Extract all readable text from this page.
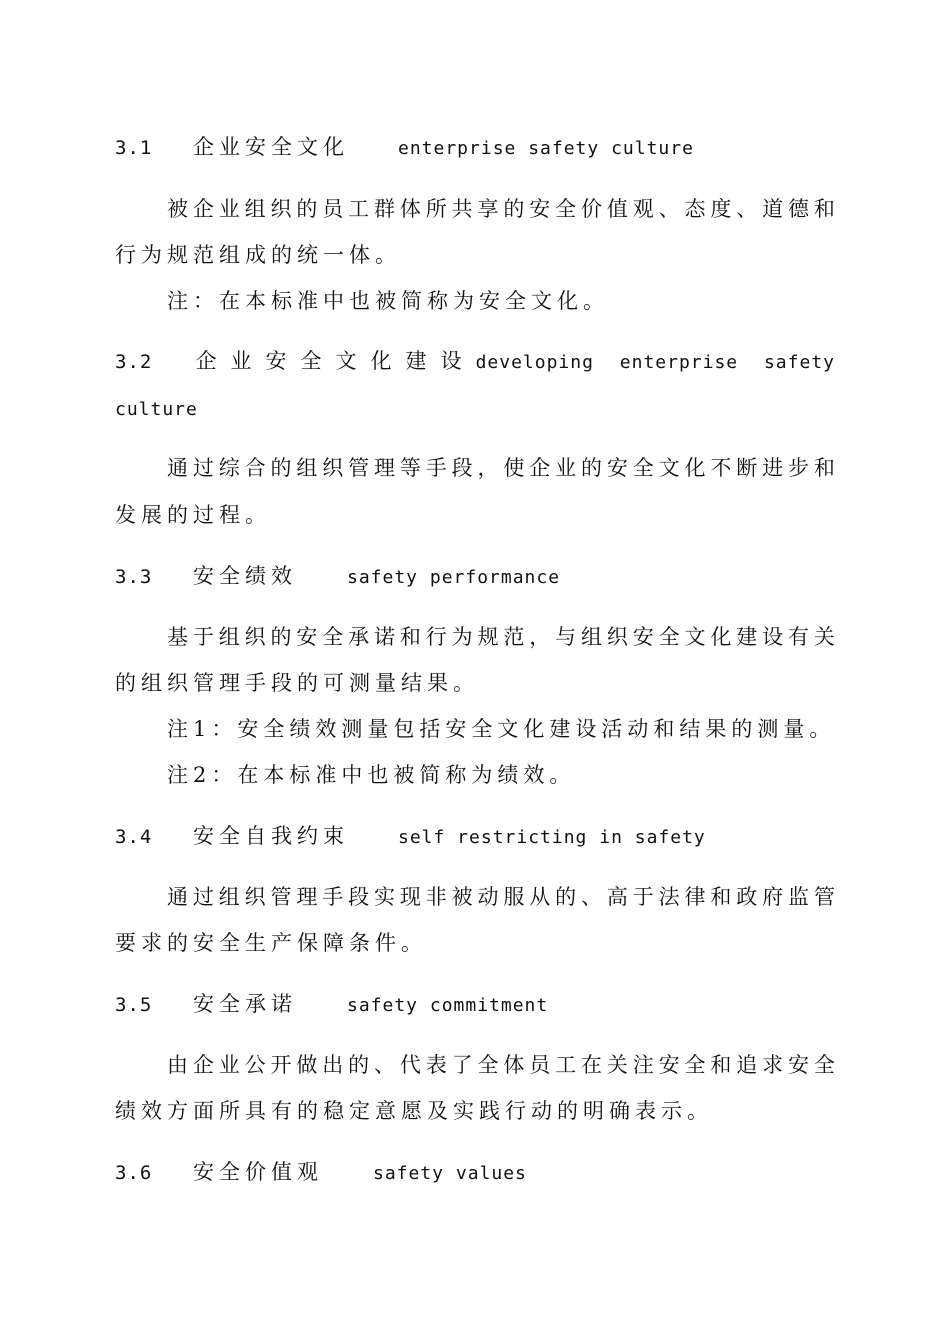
3.1	企业安全文化	enterprise safety culture
被 企 业 组 织 的 员 工 群 体 所 共 享 的 安 全 价 值 观 、 态 度 、 道 德 和
行为规范组成的统一体。
注：在本标准中也被简称为安全文化。
3.2	企业安全文化建设 developing enterprise safety
culture
通 过 综 合 的 组 织 管 理 等 手 段 ， 使 企 业 的 安 全 文 化 不 断 进 步 和
发展的过程。
3.3	安全绩效	safety performance
基 于 组 织 的 安 全 承 诺 和 行 为 规 范 ， 与 组 织 安 全 文 化 建 设 有 关
的组织管理手段的可测量结果。
注1：安全绩效测量包括安全文化建设活动和结果的测量。
注2：在本标准中也被简称为绩效。
3.4	安全自我约束	self restricting in safety
通 过 组 织 管 理 手 段 实 现 非 被 动 服 从 的 、 高 于 法 律 和 政 府 监 管
要求的安全生产保障条件。
3.5	安全承诺	safety commitment
由 企 业 公 开 做 出 的 、 代 表 了 全 体 员 工 在 关 注 安 全 和 追 求 安 全
绩效方面所具有的稳定意愿及实践行动的明确表示。
3.6	安全价值观	safety values
